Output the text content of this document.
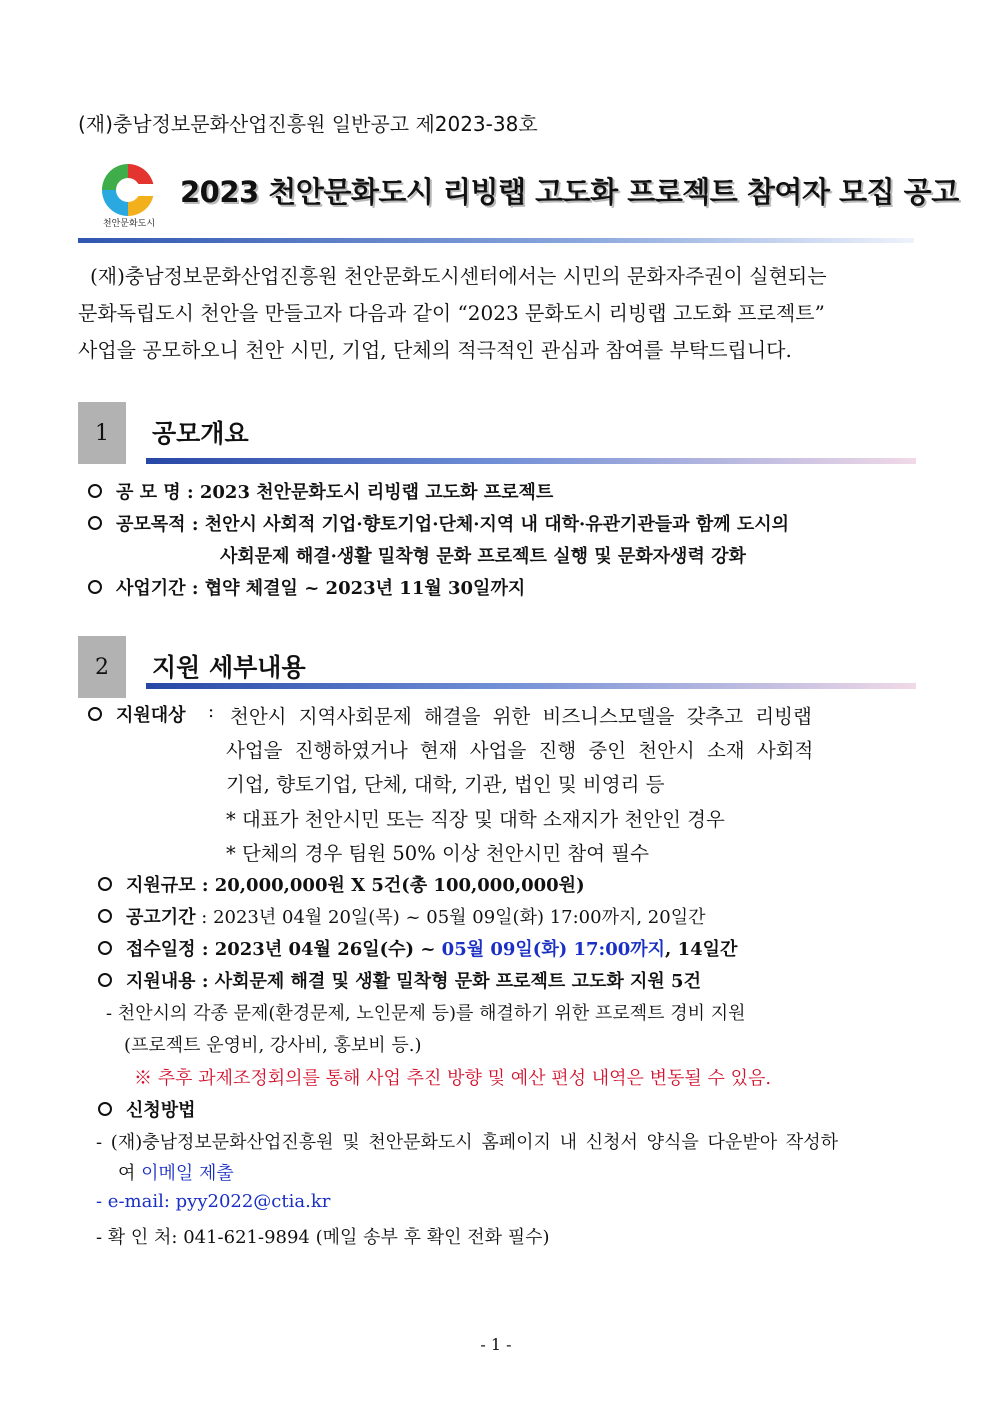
(재)충남정보문화산업진흥원 일반공고 제2023-38호
천안문화도시
2023 천안문화도시 리빙랩 고도화 프로젝트 참여자 모집 공고
(재)충남정보문화산업진흥원 천안문화도시센터에서는 시민의 문화자주권이 실현되는
문화독립도시 천안을 만들고자 다음과 같이 “2023 문화도시 리빙랩 고도화 프로젝트”
사업을 공모하오니 천안 시민, 기업, 단체의 적극적인 관심과 참여를 부탁드립니다.
1	공모개요
공 모 명 : 2023 천안문화도시 리빙랩 고도화 프로젝트
공모목적 : 천안시 사회적 기업·향토기업·단체·지역 내 대학·유관기관들과 함께 도시의
사회문제 해결·생활 밀착형 문화 프로젝트 실행 및 문화자생력 강화
사업기간 : 협약 체결일 ~ 2023년 11월 30일까지
2	지원 세부내용
지원대상 : 천안시 지역사회문제 해결을 위한 비즈니스모델을 갖추고 리빙랩
사업을 진행하였거나 현재 사업을 진행 중인 천안시 소재 사회적
기업, 향토기업, 단체, 대학, 기관, 법인 및 비영리 등
* 대표가 천안시민 또는 직장 및 대학 소재지가 천안인 경우
* 단체의 경우 팀원 50% 이상 천안시민 참여 필수
지원규모 : 20,000,000원 X 5건(총 100,000,000원)
공고기간 : 2023년 04월 20일(목) ~ 05월 09일(화) 17:00까지, 20일간
접수일정 : 2023년 04월 26일(수) ~ 05월 09일(화) 17:00까지, 14일간
지원내용 : 사회문제 해결 및 생활 밀착형 문화 프로젝트 고도화 지원 5건
- 천안시의 각종 문제(환경문제, 노인문제 등)를 해결하기 위한 프로젝트 경비 지원
(프로젝트 운영비, 강사비, 홍보비 등.)
※ 추후 과제조정회의를 통해 사업 추진 방향 및 예산 편성 내역은 변동될 수 있음.
신청방법
- (재)충남정보문화산업진흥원 및 천안문화도시 홈페이지 내 신청서 양식을 다운받아 작성하
여 이메일 제출
- e-mail: pyy2022@ctia.kr
- 확 인 처: 041-621-9894 (메일 송부 후 확인 전화 필수)
- 1 -
